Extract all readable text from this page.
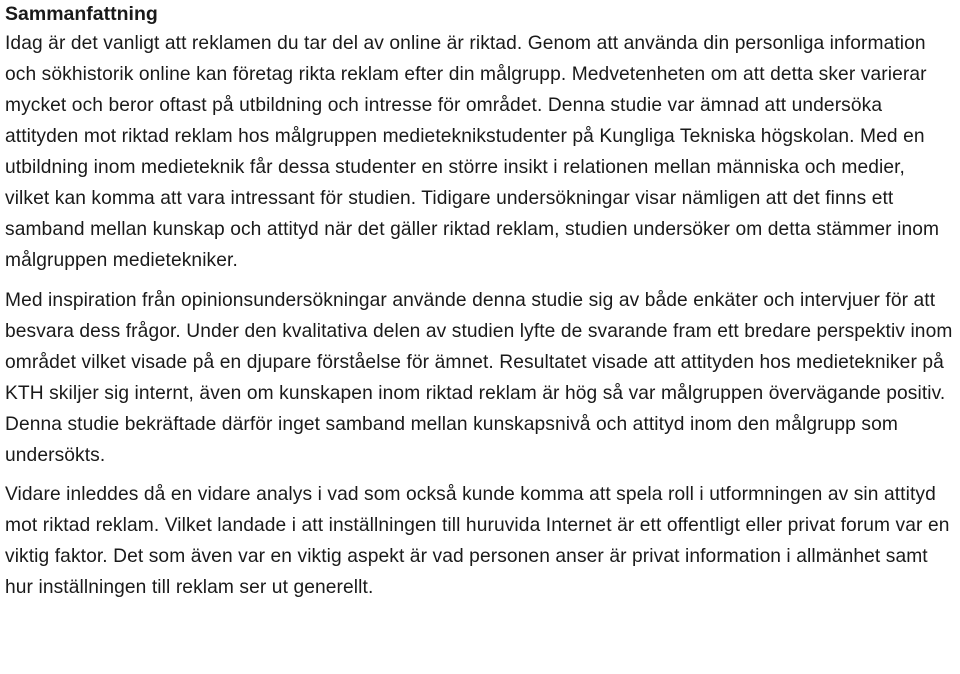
Sammanfattning

Idag är det vanligt att reklamen du tar del av online är riktad. Genom att använda din personliga information och sökhistorik online kan företag rikta reklam efter din målgrupp. Medvetenheten om att detta sker varierar mycket och beror oftast på utbildning och intresse för området. Denna studie var ämnad att undersöka attityden mot riktad reklam hos målgruppen medieteknikstudenter på Kungliga Tekniska högskolan. Med en utbildning inom medieteknik får dessa studenter en större insikt i relationen mellan människa och medier, vilket kan komma att vara intressant för studien. Tidigare undersökningar visar nämligen att det finns ett samband mellan kunskap och attityd när det gäller riktad reklam, studien undersöker om detta stämmer inom målgruppen medietekniker.

Med inspiration från opinionsundersökningar använde denna studie sig av både enkäter och intervjuer för att besvara dess frågor. Under den kvalitativa delen av studien lyfte de svarande fram ett bredare perspektiv inom området vilket visade på en djupare förståelse för ämnet. Resultatet visade att attityden hos medietekniker på KTH skiljer sig internt, även om kunskapen inom riktad reklam är hög så var målgruppen övervägande positiv. Denna studie bekräftade därför inget samband mellan kunskapsnivå och attityd inom den målgrupp som undersökts.

Vidare inleddes då en vidare analys i vad som också kunde komma att spela roll i utformningen av sin attityd mot riktad reklam. Vilket landade i att inställningen till huruvida Internet är ett offentligt eller privat forum var en viktig faktor. Det som även var en viktig aspekt är vad personen anser är privat information i allmänhet samt hur inställningen till reklam ser ut generellt.
